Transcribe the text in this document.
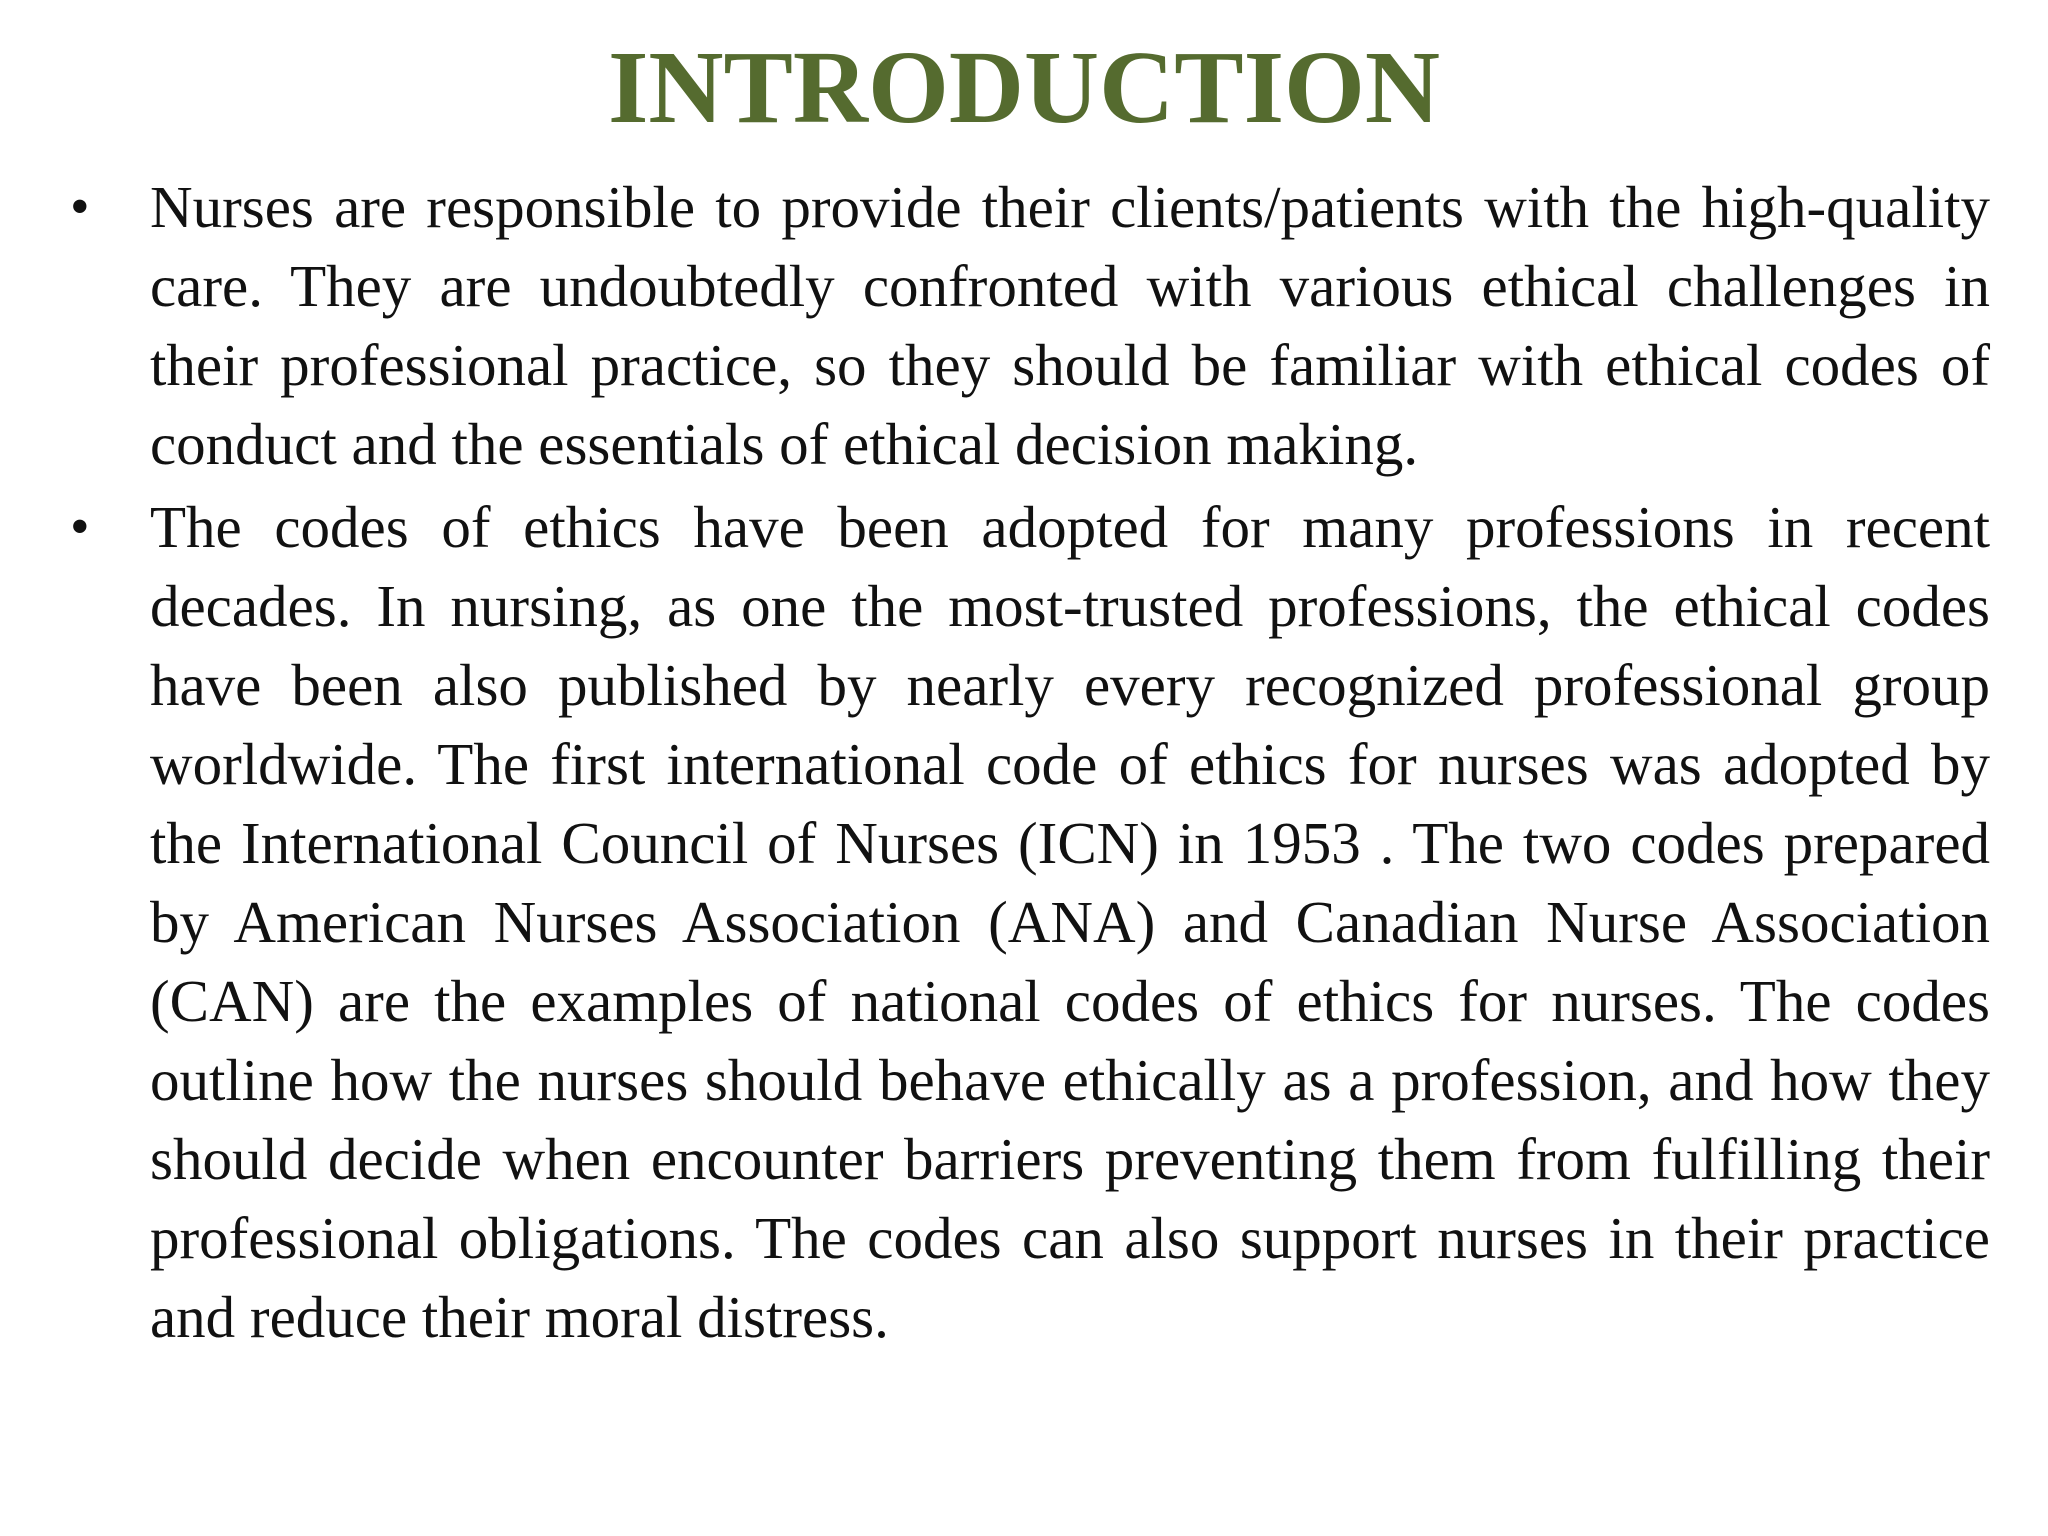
INTRODUCTION
•	Nurses are responsible to provide their clients/patients with the high-quality care. They are undoubtedly confronted with various ethical challenges in their professional practice, so they should be familiar with ethical codes of conduct and the essentials of ethical decision making.
•	The codes of ethics have been adopted for many professions in recent decades. In nursing, as one the most-trusted professions, the ethical codes have been also published by nearly every recognized professional group worldwide. The first international code of ethics for nurses was adopted by the International Council of Nurses (ICN) in 1953 . The two codes prepared by American Nurses Association (ANA) and Canadian Nurse Association (CAN) are the examples of national codes of ethics for nurses. The codes outline how the nurses should behave ethically as a profession, and how they should decide when encounter barriers preventing them from fulfilling their professional obligations. The codes can also support nurses in their practice and reduce their moral distress.
